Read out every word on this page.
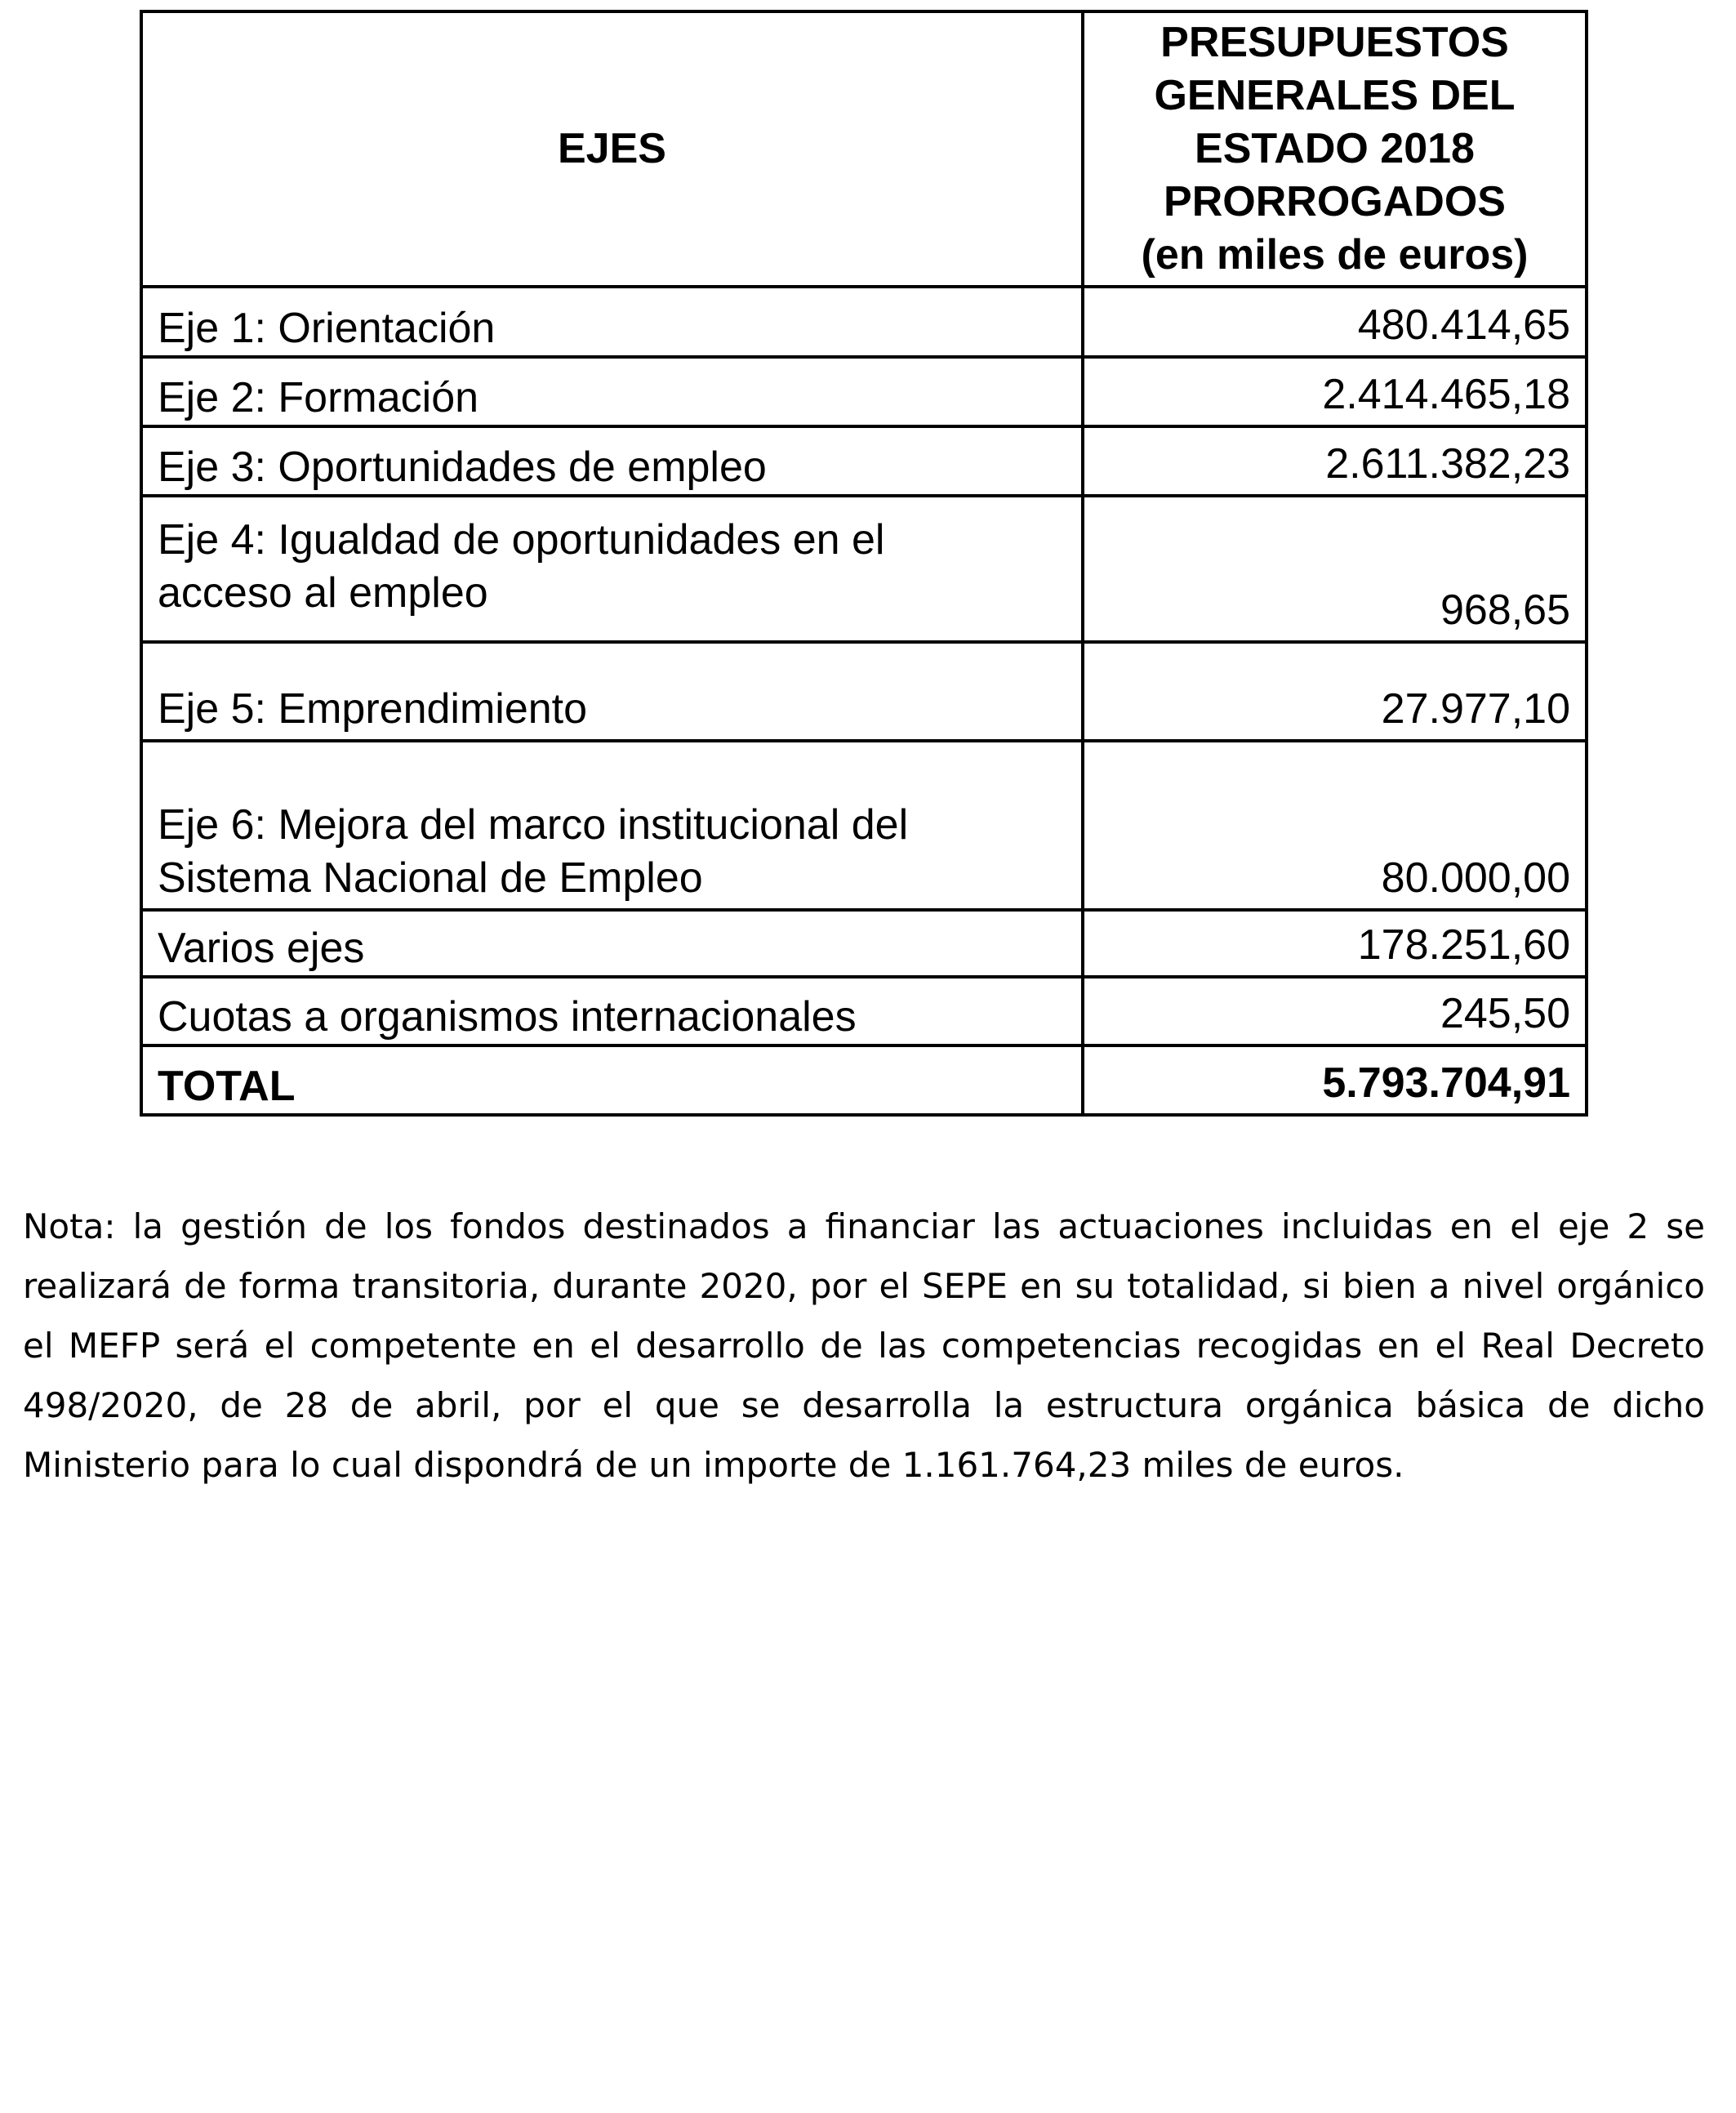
EJES	PRESUPUESTOS
GENERALES DEL
ESTADO 2018
PRORROGADOS
(en miles de euros)

Eje 1: Orientación	480.414,65
Eje 2: Formación	2.414.465,18
Eje 3: Oportunidades de empleo	2.611.382,23

Eje 4: Igualdad de oportunidades en el
acceso al empleo	968,65
Eje 5: Emprendimiento	27.977,10

Eje 6: Mejora del marco institucional del
Sistema Nacional de Empleo	80.000,00
Varios ejes	178.251,60
Cuotas a organismos internacionales	245,50
TOTAL	5.793.704,91

Nota: la gestión de los fondos destinados a financiar las actuaciones incluidas en el eje 2 se realizará de forma transitoria, durante 2020, por el SEPE en su totalidad, si bien a nivel orgánico el MEFP será el competente en el desarrollo de las competencias recogidas en el Real Decreto 498/2020, de 28 de abril, por el que se desarrolla la estructura orgánica básica de dicho Ministerio para lo cual dispondrá de un importe de 1.161.764,23 miles de euros.
